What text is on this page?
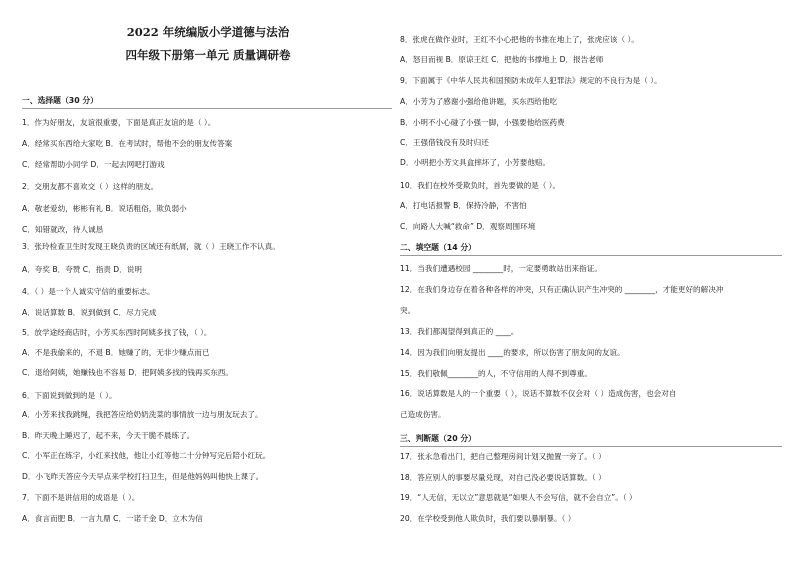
2022 年统编版小学道德与法治
四年级下册第一单元 质量调研卷
一、选择题（30 分）
1．作为好朋友，友谊很重要，下面是真正友谊的是（ ）。
A．经常买东西给大家吃 B．在考试时，帮他不会的朋友传答案
C．经常帮助小同学 D．一起去网吧打游戏
2．交朋友都不喜欢交（ ）这样的朋友。
A．敬老爱幼，彬彬有礼 B．说话粗俗，欺负弱小
C．知错就改，待人诚恳
3．张玲检查卫生时发现王晓负责的区域还有纸屑，就（ ）王晓工作不认真。
A．夸奖 B．夸赞 C．指责 D．说明
4．（ ）是一个人诚实守信的重要标志。
A．说话算数 B．说到做到 C．尽力完成
5．放学途经商店时，小芳买东西时阿姨多找了钱，（ ）。
A．不是我偷来的，不退 B．她赚了的，无非少赚点而已
C．退给阿姨，她赚钱也不容易 D．把阿姨多找的钱再买东西。
6．下面说到做到的是（ ）。
A．小芳来找我跳绳，我把答应给奶奶洗菜的事情放一边与朋友玩去了。
B．昨天晚上睡迟了，起不来，今天干脆不晨练了。
C．小军正在练字，小红来找他，他让小红等他二十分钟写完后陪小红玩。
D．小飞昨天答应今天早点来学校打扫卫生，但是他妈妈叫他快上课了。
7．下面不是讲信用的成语是（ ）。
A．食言而肥 B．一言九鼎 C．一诺千金 D．立木为信
8．张虎在做作业时，王红不小心把他的书推在地上了，张虎应该（ ）。
A．怒目而视 B．原谅王红 C．把他的书撑地上 D．报告老师
9．下面属于《中华人民共和国预防未成年人犯罪法》规定的不良行为是（ ）。
A．小芳为了感谢小强给他讲题，买东西给他吃
B．小明不小心碰了小强一脚，小强要他给医药费
C．王强借钱没有及时归还
D．小明把小芳文具盒摔坏了，小芳要他赔。
10．我们在校外受欺负时，首先要做的是（ ）。
A．打电话报警 B．保持冷静，不害怕
C．向路人大喊“救命” D．观察周围环境
二、填空题（14 分）
11．当我们遭遇校园 ________时，一定要勇敢站出来指证。
12．在我们身边存在着各种各样的冲突，只有正确认识产生冲突的 ________，才能更好的解决冲
突。
13．我们都渴望得到真正的 ____。
14．因为我们向朋友提出 ____的要求，所以伤害了朋友间的友谊。
15．我们敬佩________的人，不守信用的人得不到尊重。
16．说话算数是人的一个重要（ ），说话不算数不仅会对（ ）造成伤害，也会对自
己造成伤害。
三、判断题（20 分）
17．张永急看出门，把自己整理房间计划又抛置一旁了。（ ）
18．答应别人的事要尽量兑现，对自己没必要说话算数。（ ）
19．“人无信，无以立”意思就是“如果人不会写信，就不会自立”。（ ）
20．在学校受到他人欺负时，我们要以暴制暴。（ ）
